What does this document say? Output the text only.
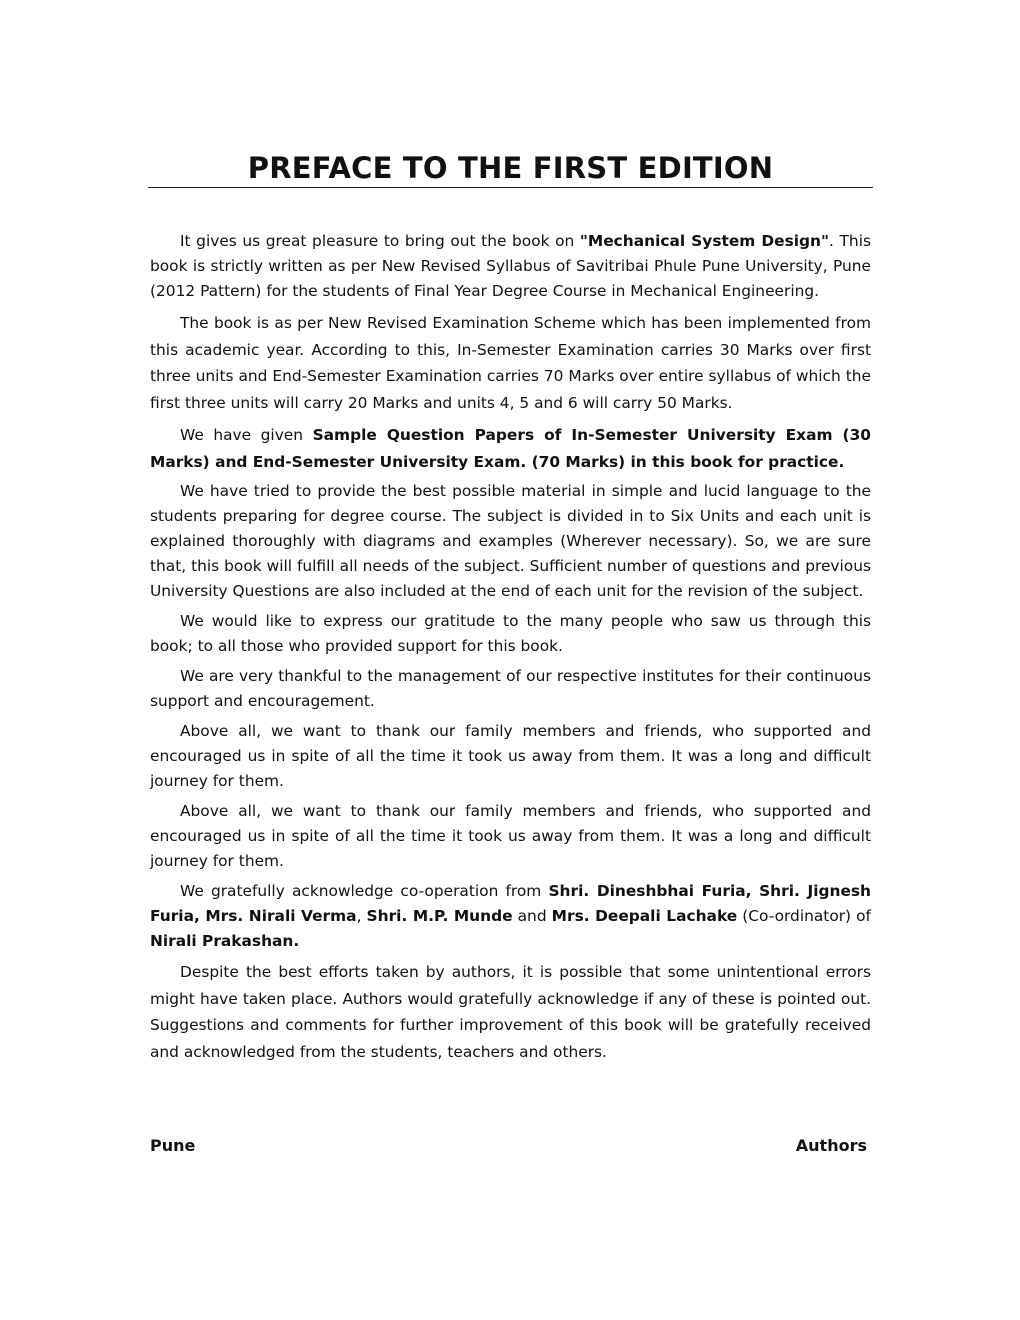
PREFACE TO THE FIRST EDITION

It gives us great pleasure to bring out the book on "Mechanical System Design". This book is strictly written as per New Revised Syllabus of Savitribai Phule Pune University, Pune (2012 Pattern) for the students of Final Year Degree Course in Mechanical Engineering.

The book is as per New Revised Examination Scheme which has been implemented from this academic year. According to this, In-Semester Examination carries 30 Marks over first three units and End-Semester Examination carries 70 Marks over entire syllabus of which the first three units will carry 20 Marks and units 4, 5 and 6 will carry 50 Marks.

We have given Sample Question Papers of In-Semester University Exam (30 Marks) and End-Semester University Exam. (70 Marks) in this book for practice.

We have tried to provide the best possible material in simple and lucid language to the students preparing for degree course. The subject is divided in to Six Units and each unit is explained thoroughly with diagrams and examples (Wherever necessary). So, we are sure that, this book will fulfill all needs of the subject. Sufficient number of questions and previous University Questions are also included at the end of each unit for the revision of the subject.

We would like to express our gratitude to the many people who saw us through this book; to all those who provided support for this book.

We are very thankful to the management of our respective institutes for their continuous support and encouragement.

Above all, we want to thank our family members and friends, who supported and encouraged us in spite of all the time it took us away from them. It was a long and difficult journey for them.

Above all, we want to thank our family members and friends, who supported and encouraged us in spite of all the time it took us away from them. It was a long and difficult journey for them.

We gratefully acknowledge co-operation from Shri. Dineshbhai Furia, Shri. Jignesh Furia, Mrs. Nirali Verma, Shri. M.P. Munde and Mrs. Deepali Lachake (Co-ordinator) of Nirali Prakashan.

Despite the best efforts taken by authors, it is possible that some unintentional errors might have taken place. Authors would gratefully acknowledge if any of these is pointed out. Suggestions and comments for further improvement of this book will be gratefully received and acknowledged from the students, teachers and others.

Pune	Authors
